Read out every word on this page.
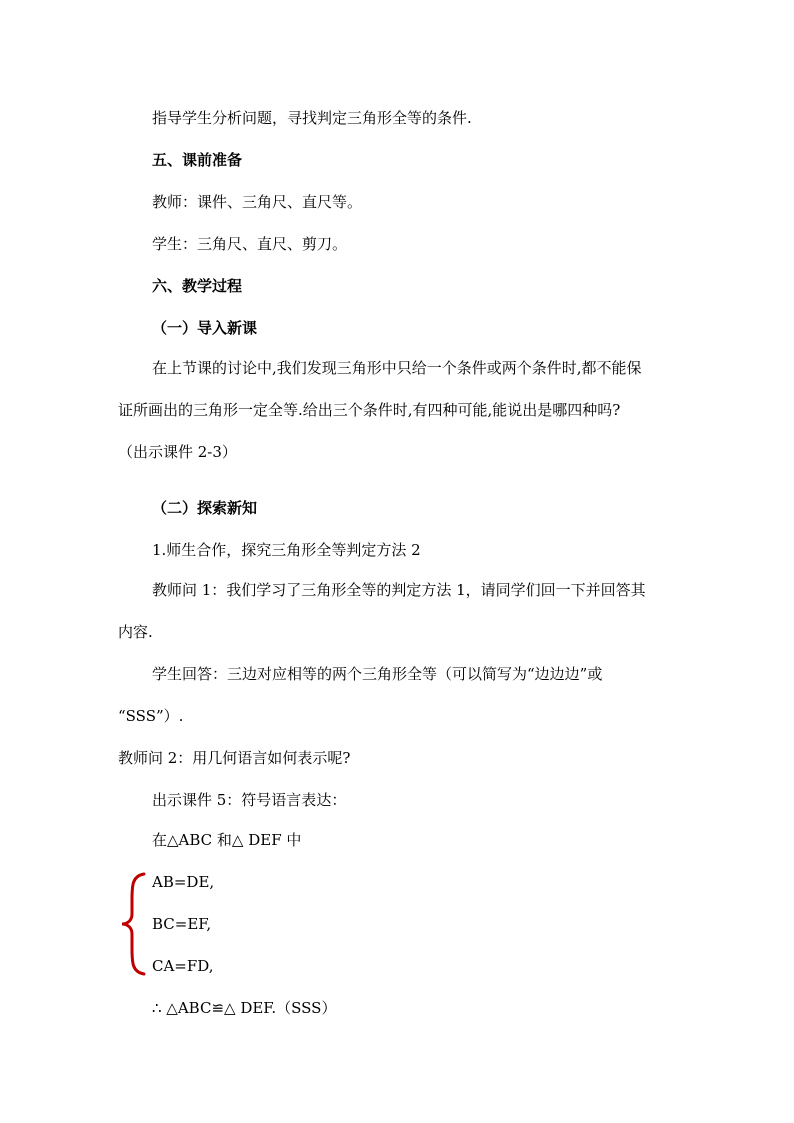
指导学生分析问题，寻找判定三角形全等的条件.
五、课前准备
教师：课件、三角尺、直尺等。
学生：三角尺、直尺、剪刀。
六、教学过程
（一）导入新课
在上节课的讨论中,我们发现三角形中只给一个条件或两个条件时,都不能保
证所画出的三角形一定全等.给出三个条件时,有四种可能,能说出是哪四种吗?
（出示课件 2-3）
（二）探索新知
1.师生合作，探究三角形全等判定方法 2
教师问 1：我们学习了三角形全等的判定方法 1，请同学们回一下并回答其
内容.
学生回答：三边对应相等的两个三角形全等（可以简写为“边边边”或
“SSS”）.
教师问 2：用几何语言如何表示呢?
出示课件 5：符号语言表达：
在△ABC 和△ DEF 中
AB=DE,
BC=EF,
CA=FD,
∴ △ABC≌△ DEF.（SSS）
